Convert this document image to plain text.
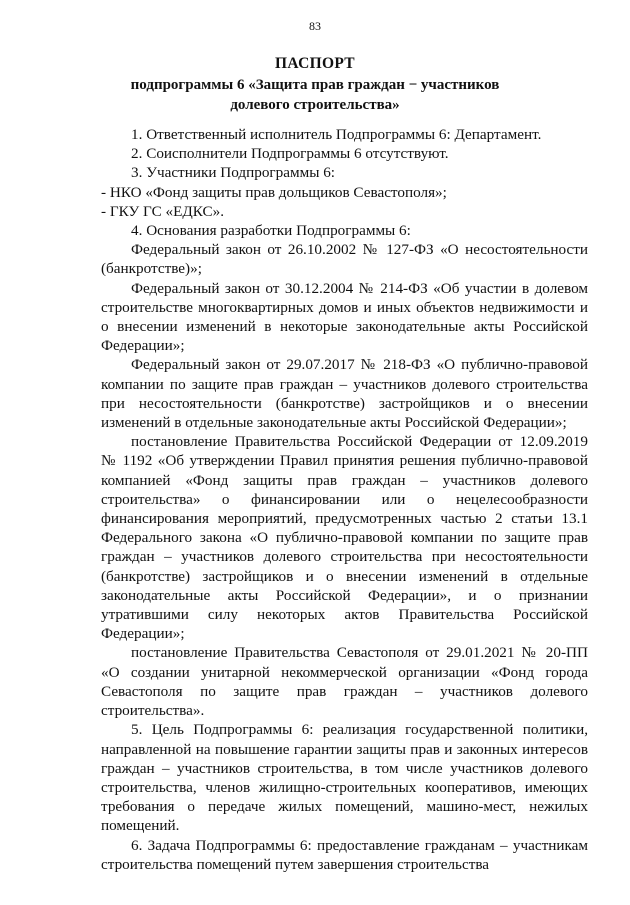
83
ПАСПОРТ
подпрограммы 6 «Защита прав граждан − участников долевого строительства»

1. Ответственный исполнитель Подпрограммы 6: Департамент.

2. Соисполнители Подпрограммы 6 отсутствуют.

3. Участники Подпрограммы 6:

- НКО «Фонд защиты прав дольщиков Севастополя»;

- ГКУ ГС «ЕДКС».

4. Основания разработки Подпрограммы 6:

Федеральный закон от 26.10.2002 № 127-ФЗ «О несостоятельности (банкротстве)»;

Федеральный закон от 30.12.2004 № 214-ФЗ «Об участии в долевом строительстве многоквартирных домов и иных объектов недвижимости и о внесении изменений в некоторые законодательные акты Российской Федерации»;

Федеральный закон от 29.07.2017 № 218-ФЗ «О публично-правовой компании по защите прав граждан – участников долевого строительства при несостоятельности (банкротстве) застройщиков и о внесении изменений в отдельные законодательные акты Российской Федерации»;

постановление Правительства Российской Федерации от 12.09.2019 № 1192 «Об утверждении Правил принятия решения публично-правовой компанией «Фонд защиты прав граждан – участников долевого строительства» о финансировании или о нецелесообразности финансирования мероприятий, предусмотренных частью 2 статьи 13.1 Федерального закона «О публично-правовой компании по защите прав граждан – участников долевого строительства при несостоятельности (банкротстве) застройщиков и о внесении изменений в отдельные законодательные акты Российской Федерации», и о признании утратившими силу некоторых актов Правительства Российской Федерации»;

постановление Правительства Севастополя от 29.01.2021 № 20-ПП «О создании унитарной некоммерческой организации «Фонд города Севастополя по защите прав граждан – участников долевого строительства».

5. Цель Подпрограммы 6: реализация государственной политики, направленной на повышение гарантии защиты прав и законных интересов граждан – участников строительства, в том числе участников долевого строительства, членов жилищно-строительных кооперативов, имеющих требования о передаче жилых помещений, машино-мест, нежилых помещений.

6. Задача Подпрограммы 6: предоставление гражданам – участникам строительства помещений путем завершения строительства
